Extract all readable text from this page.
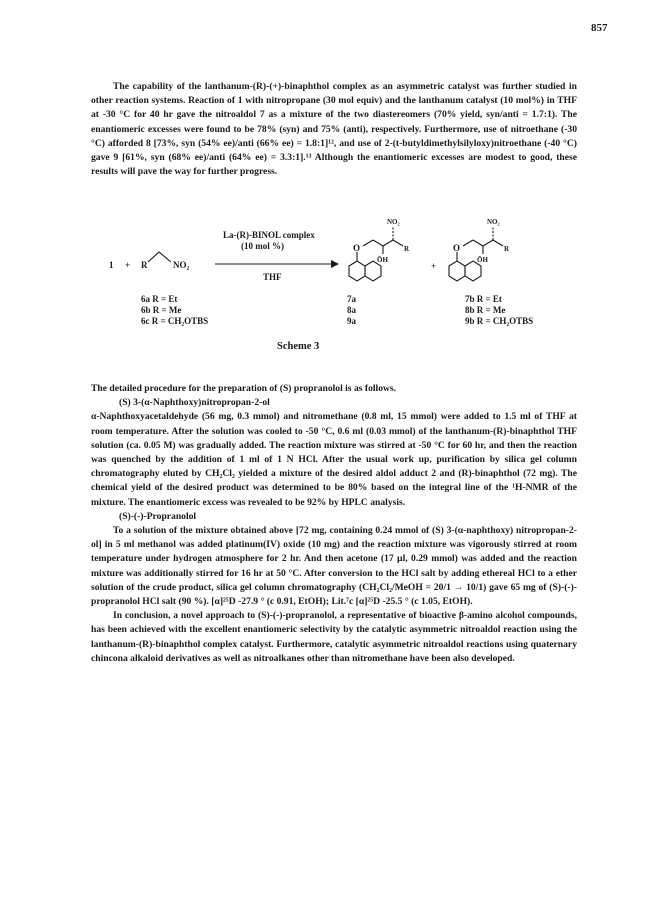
857

The capability of the lanthanum-(R)-(+)-binaphthol complex as an asymmetric catalyst was further studied in other reaction systems. Reaction of 1 with nitropropane (30 mol equiv) and the lanthanum catalyst (10 mol%) in THF at -30 °C for 40 hr gave the nitroaldol 7 as a mixture of the two diastereomers (70% yield, syn/anti = 1.7:1). The enantiomeric excesses were found to be 78% (syn) and 75% (anti), respectively. Furthermore, use of nitroethane (-30 °C) afforded 8 [73%, syn (54% ee)/anti (66% ee) = 1.8:1]¹², and use of 2-(t-butyldimethylsilyloxy)nitroethane (-40 °C) gave 9 [61%, syn (68% ee)/anti (64% ee) = 3.3:1].¹³ Although the enantiomeric excesses are modest to good, these results will pave the way for further progress.

1 + R	NO₂
La-(R)-BINOL complex
(10 mol %)
THF
O
NO₂
R
ŌH
+
O
NO₂
R
ŌH
6a R = Et
6b R = Me
6c R = CH₂OTBS
7a
8a
9a
7b R = Et
8b R = Me
9b R = CH₂OTBS
Scheme 3

The detailed procedure for the preparation of (S) propranolol is as follows.

(S) 3-(α-Naphthoxy)nitropropan-2-ol

α-Naphthoxyacetaldehyde (56 mg, 0.3 mmol) and nitromethane (0.8 ml, 15 mmol) were added to 1.5 ml of THF at room temperature. After the solution was cooled to -50 °C, 0.6 ml (0.03 mmol) of the lanthanum-(R)-binaphthol THF solution (ca. 0.05 M) was gradually added. The reaction mixture was stirred at -50 °C for 60 hr, and then the reaction was quenched by the addition of 1 ml of 1 N HCl. After the usual work up, purification by silica gel column chromatography eluted by CH₂Cl₂ yielded a mixture of the desired aldol adduct 2 and (R)-binaphthol (72 mg). The chemical yield of the desired product was determined to be 80% based on the integral line of the ¹H-NMR of the mixture. The enantiomeric excess was revealed to be 92% by HPLC analysis.

(S)-(-)-Propranolol

To a solution of the mixture obtained above [72 mg, containing 0.24 mmol of (S) 3-(α-naphthoxy) nitropropan-2-ol] in 5 ml methanol was added platinum(IV) oxide (10 mg) and the reaction mixture was vigorously stirred at room temperature under hydrogen atmosphere for 2 hr. And then acetone (17 µl, 0.29 mmol) was added and the reaction mixture was additionally stirred for 16 hr at 50 °C. After conversion to the HCl salt by adding ethereal HCl to a ether solution of the crude product, silica gel column chromatography (CH₂Cl₂/MeOH = 20/1 → 10/1) gave 65 mg of (S)-(-)-propranolol HCl salt (90 %). [α]²⁵D -27.9 ° (c 0.91, EtOH); Lit.⁷c [α]²⁵D -25.5 ° (c 1.05, EtOH).

In conclusion, a novel approach to (S)-(-)-propranolol, a representative of bioactive β-amino alcohol compounds, has been achieved with the excellent enantiomeric selectivity by the catalytic asymmetric nitroaldol reaction using the lanthanum-(R)-binaphthol complex catalyst. Furthermore, catalytic asymmetric nitroaldol reactions using quaternary chincona alkaloid derivatives as well as nitroalkanes other than nitromethane have been also developed.
